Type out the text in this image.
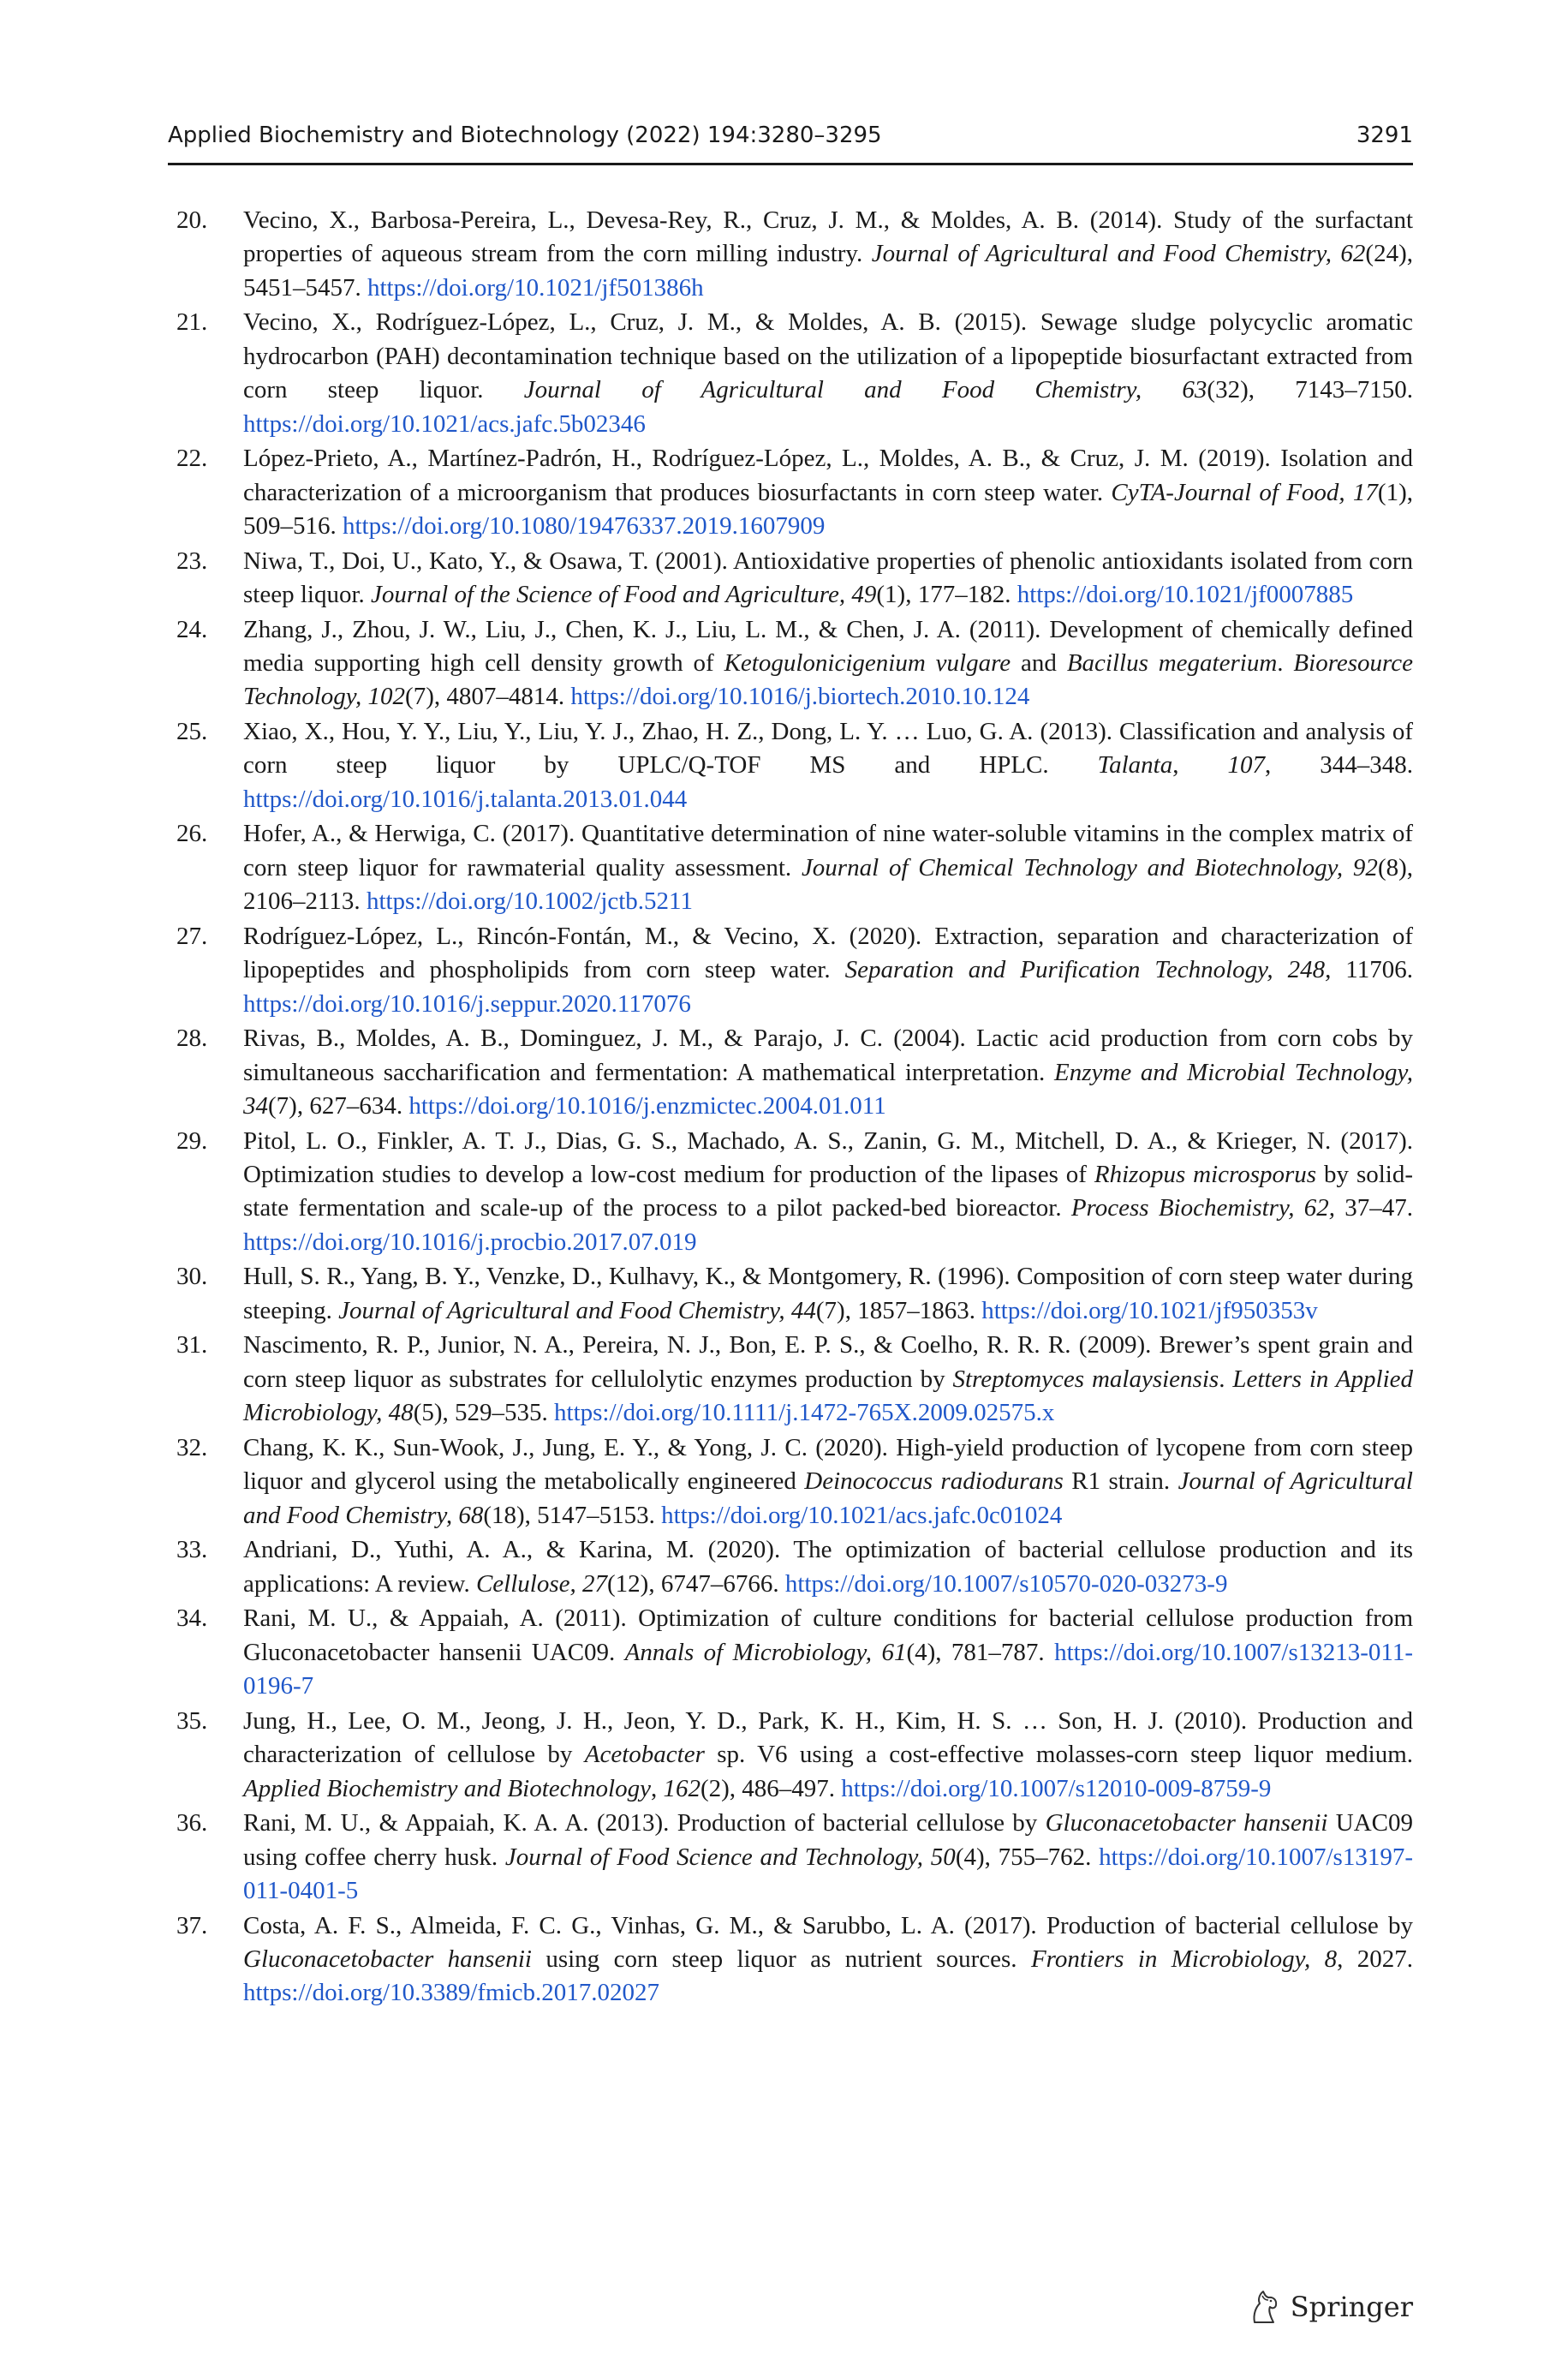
Applied Biochemistry and Biotechnology (2022) 194:3280–3295	3291
20. Vecino, X., Barbosa-Pereira, L., Devesa-Rey, R., Cruz, J. M., & Moldes, A. B. (2014). Study of the surfactant properties of aqueous stream from the corn milling industry. Journal of Agricultural and Food Chemistry, 62(24), 5451–5457. https://doi.org/10.1021/jf501386h
21. Vecino, X., Rodríguez-López, L., Cruz, J. M., & Moldes, A. B. (2015). Sewage sludge polycyclic aromatic hydrocarbon (PAH) decontamination technique based on the utilization of a lipopeptide biosurfactant extracted from corn steep liquor. Journal of Agricultural and Food Chemistry, 63(32), 7143–7150. https://doi.org/10.1021/acs.jafc.5b02346
22. López-Prieto, A., Martínez-Padrón, H., Rodríguez-López, L., Moldes, A. B., & Cruz, J. M. (2019). Isolation and characterization of a microorganism that produces biosurfactants in corn steep water. CyTA-Journal of Food, 17(1), 509–516. https://doi.org/10.1080/19476337.2019.1607909
23. Niwa, T., Doi, U., Kato, Y., & Osawa, T. (2001). Antioxidative properties of phenolic antioxidants isolated from corn steep liquor. Journal of the Science of Food and Agriculture, 49(1), 177–182. https://doi.org/10.1021/jf0007885
24. Zhang, J., Zhou, J. W., Liu, J., Chen, K. J., Liu, L. M., & Chen, J. A. (2011). Development of chemically defined media supporting high cell density growth of Ketogulonicigenium vulgare and Bacillus megaterium. Bioresource Technology, 102(7), 4807–4814. https://doi.org/10.1016/j.biortech.2010.10.124
25. Xiao, X., Hou, Y. Y., Liu, Y., Liu, Y. J., Zhao, H. Z., Dong, L. Y. … Luo, G. A. (2013). Classification and analysis of corn steep liquor by UPLC/Q-TOF MS and HPLC. Talanta, 107, 344–348. https://doi.org/10.1016/j.talanta.2013.01.044
26. Hofer, A., & Herwiga, C. (2017). Quantitative determination of nine water-soluble vitamins in the complex matrix of corn steep liquor for rawmaterial quality assessment. Journal of Chemical Technology and Biotechnology, 92(8), 2106–2113. https://doi.org/10.1002/jctb.5211
27. Rodríguez-López, L., Rincón-Fontán, M., & Vecino, X. (2020). Extraction, separation and characterization of lipopeptides and phospholipids from corn steep water. Separation and Purification Technology, 248, 11706. https://doi.org/10.1016/j.seppur.2020.117076
28. Rivas, B., Moldes, A. B., Dominguez, J. M., & Parajo, J. C. (2004). Lactic acid production from corn cobs by simultaneous saccharification and fermentation: A mathematical interpretation. Enzyme and Microbial Technology, 34(7), 627–634. https://doi.org/10.1016/j.enzmictec.2004.01.011
29. Pitol, L. O., Finkler, A. T. J., Dias, G. S., Machado, A. S., Zanin, G. M., Mitchell, D. A., & Krieger, N. (2017). Optimization studies to develop a low-cost medium for production of the lipases of Rhizopus microsporus by solid-state fermentation and scale-up of the process to a pilot packed-bed bioreactor. Process Biochemistry, 62, 37–47. https://doi.org/10.1016/j.procbio.2017.07.019
30. Hull, S. R., Yang, B. Y., Venzke, D., Kulhavy, K., & Montgomery, R. (1996). Composition of corn steep water during steeping. Journal of Agricultural and Food Chemistry, 44(7), 1857–1863. https://doi.org/10.1021/jf950353v
31. Nascimento, R. P., Junior, N. A., Pereira, N. J., Bon, E. P. S., & Coelho, R. R. R. (2009). Brewer’s spent grain and corn steep liquor as substrates for cellulolytic enzymes production by Streptomyces malaysiensis. Letters in Applied Microbiology, 48(5), 529–535. https://doi.org/10.1111/j.1472-765X.2009.02575.x
32. Chang, K. K., Sun-Wook, J., Jung, E. Y., & Yong, J. C. (2020). High-yield production of lycopene from corn steep liquor and glycerol using the metabolically engineered Deinococcus radiodurans R1 strain. Journal of Agricultural and Food Chemistry, 68(18), 5147–5153. https://doi.org/10.1021/acs.jafc.0c01024
33. Andriani, D., Yuthi, A. A., & Karina, M. (2020). The optimization of bacterial cellulose production and its applications: A review. Cellulose, 27(12), 6747–6766. https://doi.org/10.1007/s10570-020-03273-9
34. Rani, M. U., & Appaiah, A. (2011). Optimization of culture conditions for bacterial cellulose production from Gluconacetobacter hansenii UAC09. Annals of Microbiology, 61(4), 781–787. https://doi.org/10.1007/s13213-011-0196-7
35. Jung, H., Lee, O. M., Jeong, J. H., Jeon, Y. D., Park, K. H., Kim, H. S. … Son, H. J. (2010). Production and characterization of cellulose by Acetobacter sp. V6 using a cost-effective molasses-corn steep liquor medium. Applied Biochemistry and Biotechnology, 162(2), 486–497. https://doi.org/10.1007/s12010-009-8759-9
36. Rani, M. U., & Appaiah, K. A. A. (2013). Production of bacterial cellulose by Gluconacetobacter hansenii UAC09 using coffee cherry husk. Journal of Food Science and Technology, 50(4), 755–762. https://doi.org/10.1007/s13197-011-0401-5
37. Costa, A. F. S., Almeida, F. C. G., Vinhas, G. M., & Sarubbo, L. A. (2017). Production of bacterial cellulose by Gluconacetobacter hansenii using corn steep liquor as nutrient sources. Frontiers in Microbiology, 8, 2027. https://doi.org/10.3389/fmicb.2017.02027
Springer
